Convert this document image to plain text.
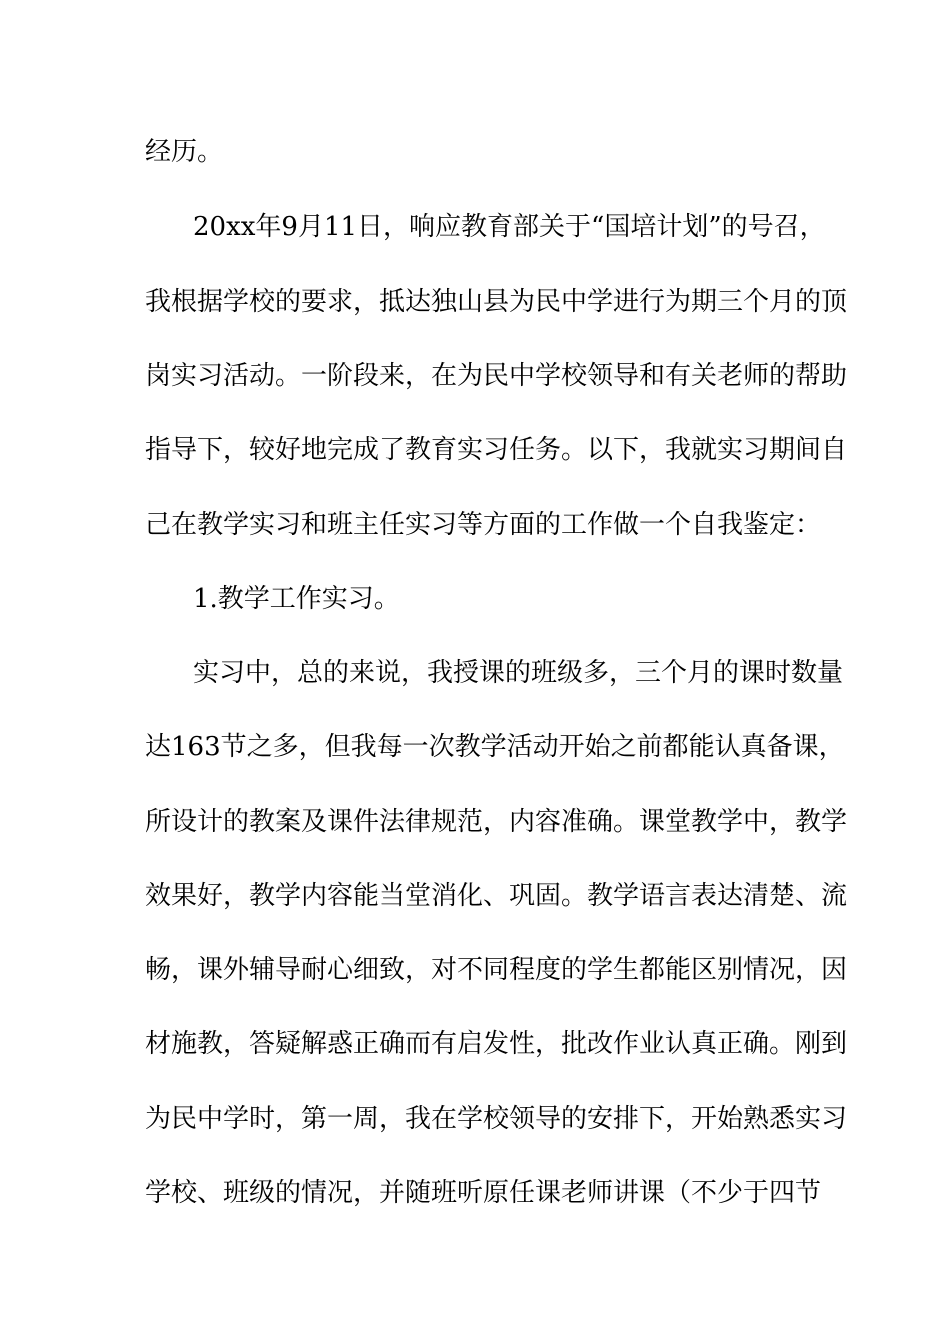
经历。
20xx年9月11日，响应教育部关于“国培计划”的号召，
我根据学校的要求，抵达独山县为民中学进行为期三个月的顶
岗实习活动。一阶段来，在为民中学校领导和有关老师的帮助
指导下，较好地完成了教育实习任务。以下，我就实习期间自
己在教学实习和班主任实习等方面的工作做一个自我鉴定：
1.教学工作实习。
实习中，总的来说，我授课的班级多，三个月的课时数量
达163节之多，但我每一次教学活动开始之前都能认真备课，
所设计的教案及课件法律规范，内容准确。课堂教学中，教学
效果好，教学内容能当堂消化、巩固。教学语言表达清楚、流
畅，课外辅导耐心细致，对不同程度的学生都能区别情况，因
材施教，答疑解惑正确而有启发性，批改作业认真正确。刚到
为民中学时，第一周，我在学校领导的安排下，开始熟悉实习
学校、班级的情况，并随班听原任课老师讲课（不少于四节
